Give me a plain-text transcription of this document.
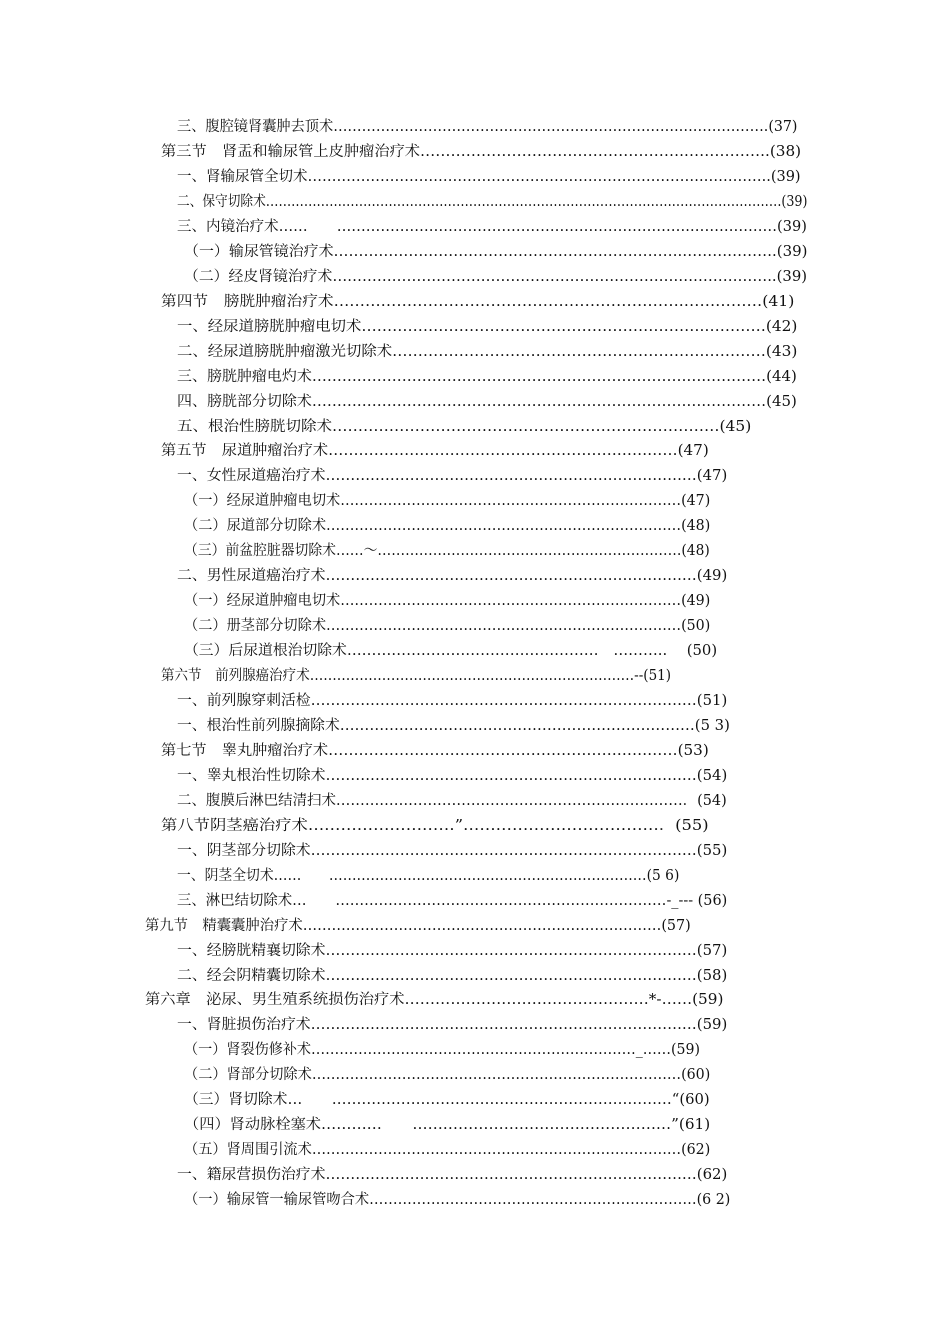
三、腹腔镜肾囊肿去顶术……………………………………………………………….……………….(37)
第三节　肾盂和输尿管上皮肿瘤治疗术…………………………………………….……………..(38)
一、肾输尿管全切术……………………………………………………………………….…………..(39)
二、保守切除术…………………………………………………………………………………….…………………….(39)
三、内镜治疗术……　　……………………………………………………………….………………(39)
（一）输尿管镜治疗术…………………………………………………………….……………….(39)
（二）经皮肾镜治疗术…………………………………………………………….………………..(39)
第四节　膀胱肿瘤治疗术………………………………………………………….……………(41)
一、经尿道膀胱肿瘤电切术………………………………………………………….…………(42)
二、经尿道膀胱肿瘤激光切除术…………………………………………………….…………(43)
三、膀胱肿瘤电灼术…………………………………………………………………….…………(44)
四、膀胱部分切除术…………………………………………………………………….…………(45)
五、根治性膀胱切除术…………………………………………………………………(45)
第五节　尿道肿瘤治疗术……………………………………………………………(47)
一、女性尿道癌治疗术…………………………………………………………………(47)
（一）经尿道肿瘤电切术………………………………………………………………(47)
（二）尿道部分切除术…………………………………………………………………(48)
（三）前盆腔脏器切除术……～…………………………………………………………(48)
二、男性尿道癌治疗术…………………………………………………………………(49)
（一）经尿道肿瘤电切术………………………………………………………………(49)
（二）册茎部分切除术…………………………………………………………………(50)
（三）后尿道根治切除术……………………………………………　……….. 　(50)
第六节　前列腺癌治疗术………………………………………………………………--(51)
一、前列腺穿刺活检……………………………………………………………………(51)
一、根治性前列腺摘除术………………………………………………………………(5 3)
第七节　睾丸肿瘤治疗术……………………………………………………………(53)
一、睾丸根治性切除术…………………………………………………………………(54)
二、腹膜后淋巴结清扫术………………………………………………………………．(54)
第八节阴茎癌治疗术………………………”………………………………．(55)
一、阴茎部分切除术……………………………………………………………………(55)
一、阴茎全切术……　　……………………………………………………………(5 6)
三、淋巴结切除术…　　……………………………………………………………-_--- (56)
第九节　精囊囊肿治疗术…………………………………………………………………(57)
一、经膀胱精襄切除术…………………………………………………………………(57)
二、经会阴精囊切除术…………………………………………………………………(58)
第六章　泌尿、男生殖系统损伤治疗术…………………………………………*-……(59)
一、肾脏损伤治疗术……………………………………………………………………(59)
（一）肾裂伤修补术……………………………………………………………_……(59)
（二）肾部分切除术……………………………………………………………………(60)
（三）肾切除术…　　……………………………………………………………“(60)
（四）肾动脉栓塞术…………　　……………………………………………”(61)
（五）肾周围引流术……………………………………………………………………(62)
一、籍尿营损伤治疗术…………………………………………………………………(62)
（一）输尿管一输尿管吻合术……………………………………………………………(6 2)
